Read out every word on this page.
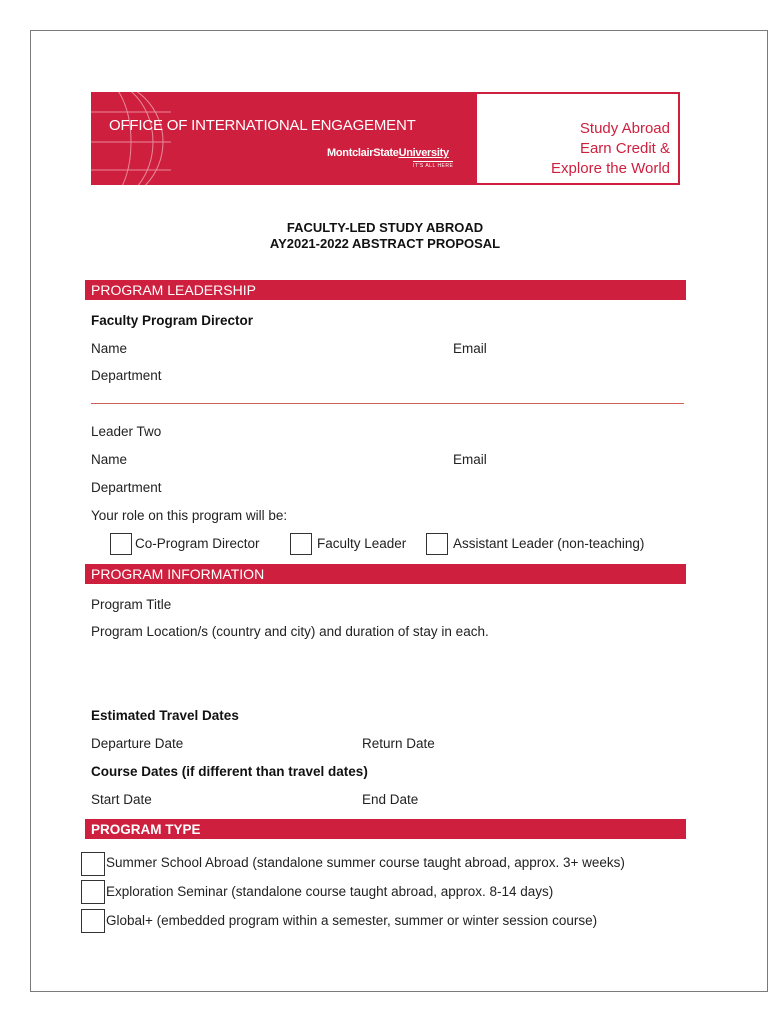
OFFICE OF INTERNATIONAL ENGAGEMENT
MontclairStateUniversity
IT'S ALL HERE
Study Abroad
Earn Credit &
Explore the World
FACULTY-LED STUDY ABROAD
AY2021-2022 ABSTRACT PROPOSAL
PROGRAM LEADERSHIP
Faculty Program Director
Name	Email
Department
Leader Two
Name	Email
Department
Your role on this program will be:
Co-Program Director	Faculty Leader	Assistant Leader (non-teaching)
PROGRAM INFORMATION
Program Title
Program Location/s (country and city) and duration of stay in each.
Estimated Travel Dates
Departure Date	Return Date
Course Dates (if different than travel dates)
Start Date	End Date
PROGRAM TYPE
Summer School Abroad (standalone summer course taught abroad, approx. 3+ weeks)
Exploration Seminar (standalone course taught abroad, approx. 8-14 days)
Global+ (embedded program within a semester, summer or winter session course)
